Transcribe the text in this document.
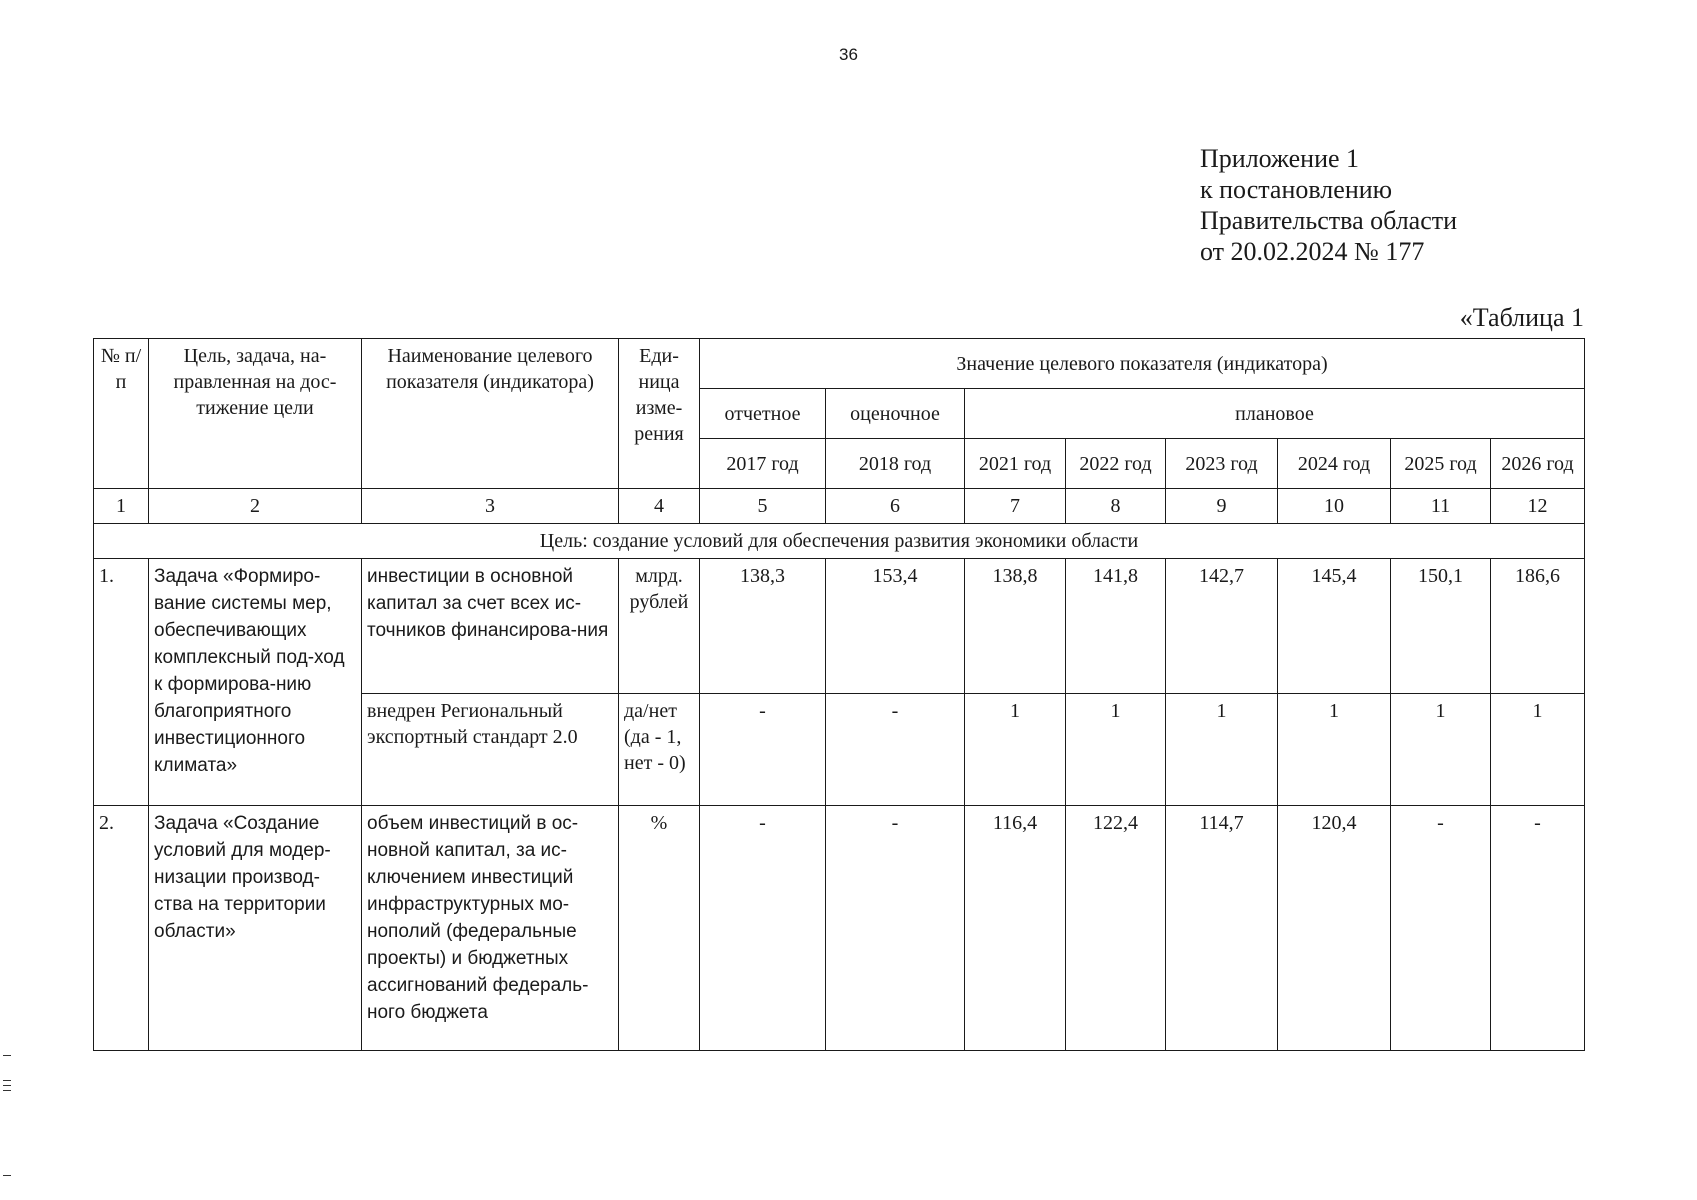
36
Приложение 1
к постановлению
Правительства области
от 20.02.2024 № 177
«Таблица 1
№ п/п	Цель, задача, на-правленная на дос-тижение цели	Наименование целевого показателя (индикатора)	Еди-ница изме-рения	Значение целевого показателя (индикатора)							
				отчетное	оценочное	плановое					
				2017 год	2018 год	2021 год	2022 год	2023 год	2024 год	2025 год	2026 год
1	2	3	4	5	6	7	8	9	10	11	12
Цель: создание условий для обеспечения развития экономики области											
1.	Задача «Формиро-вание системы мер, обеспечивающих комплексный под-ход к формирова-нию благоприятного инвестиционного климата»	инвестиции в основной капитал за счет всех ис-точников финансирова-ния	млрд. рублей	138,3	153,4	138,8	141,8	142,7	145,4	150,1	186,6
		внедрен Региональный экспортный стандарт 2.0	да/нет (да - 1, нет - 0)	-	-	1	1	1	1	1	1
2.	Задача «Создание условий для модер-низации производ-ства на территории области»	объем инвестиций в ос-новной капитал, за ис-ключением инвестиций инфраструктурных мо-нополий (федеральные проекты) и бюджетных ассигнований федераль-ного бюджета	%	-	-	116,4	122,4	114,7	120,4	-	-
